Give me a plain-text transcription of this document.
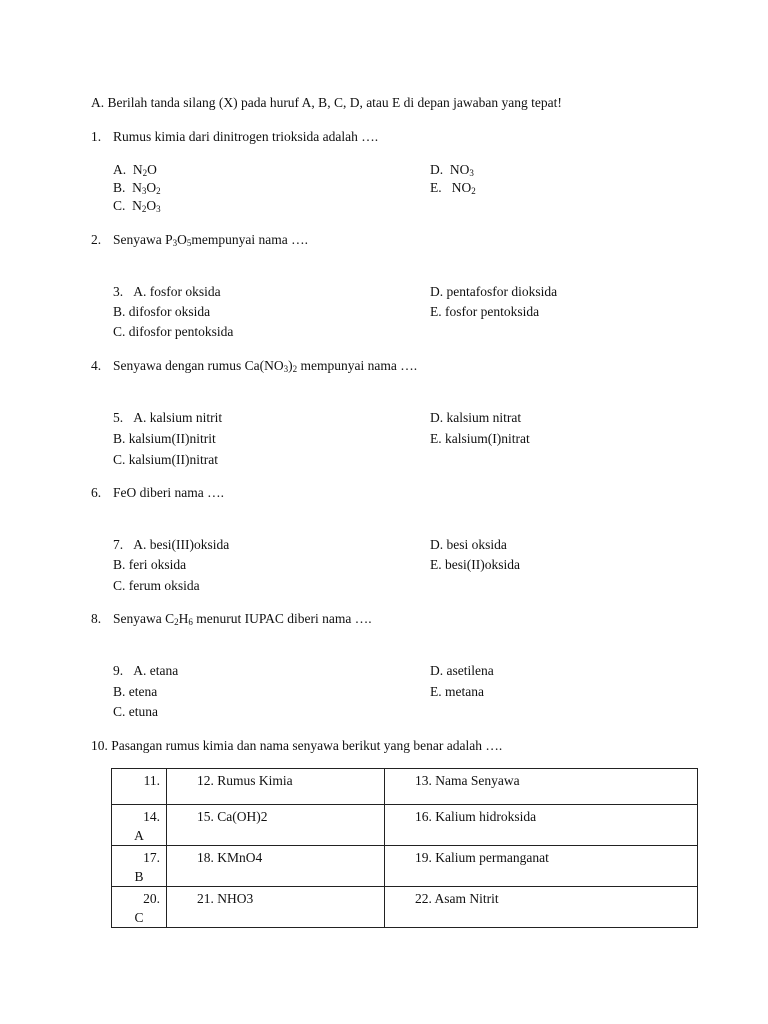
A. Berilah tanda silang (X) pada huruf A, B, C, D, atau E di depan jawaban yang tepat!
1. Rumus kimia dari dinitrogen trioksida adalah ….
A.  $N_2O$
B.  $N_3O_2$
C.  $N_2O_3$
D.  $NO_3$
E.   $NO_2$
2. Senyawa $P_3O_5mempunyai$ nama ….
3. A. fosfor oksida
B. difosfor oksida
C. difosfor pentoksida
D. pentafosfor dioksida
E. fosfor pentoksida
4. Senyawa dengan rumus $Ca(NO_3)_2$ mempunyai nama ….
5. A. kalsium nitrit
B. kalsium(II)nitrit
C. kalsium(II)nitrat
D. kalsium nitrat
E. kalsium(I)nitrat
6. FeO diberi nama ….
7. A. besi(III)oksida
B. feri oksida
C. ferum oksida
D. besi oksida
E. besi(II)oksida
8. Senyawa $C_2H_6$ menurut IUPAC diberi nama ….
9. A. etana
B. etena
C. etuna
D. asetilena
E. metana
10. Pasangan rumus kimia dan nama senyawa berikut yang benar adalah ….
11.	12. Rumus Kimia	13. Nama Senyawa

14.
A	15. Ca(OH)2	16. Kalium hidroksida

17.
B	18. KMnO4	19. Kalium permanganat

20.
C	21. NHO3	22. Asam Nitrit
